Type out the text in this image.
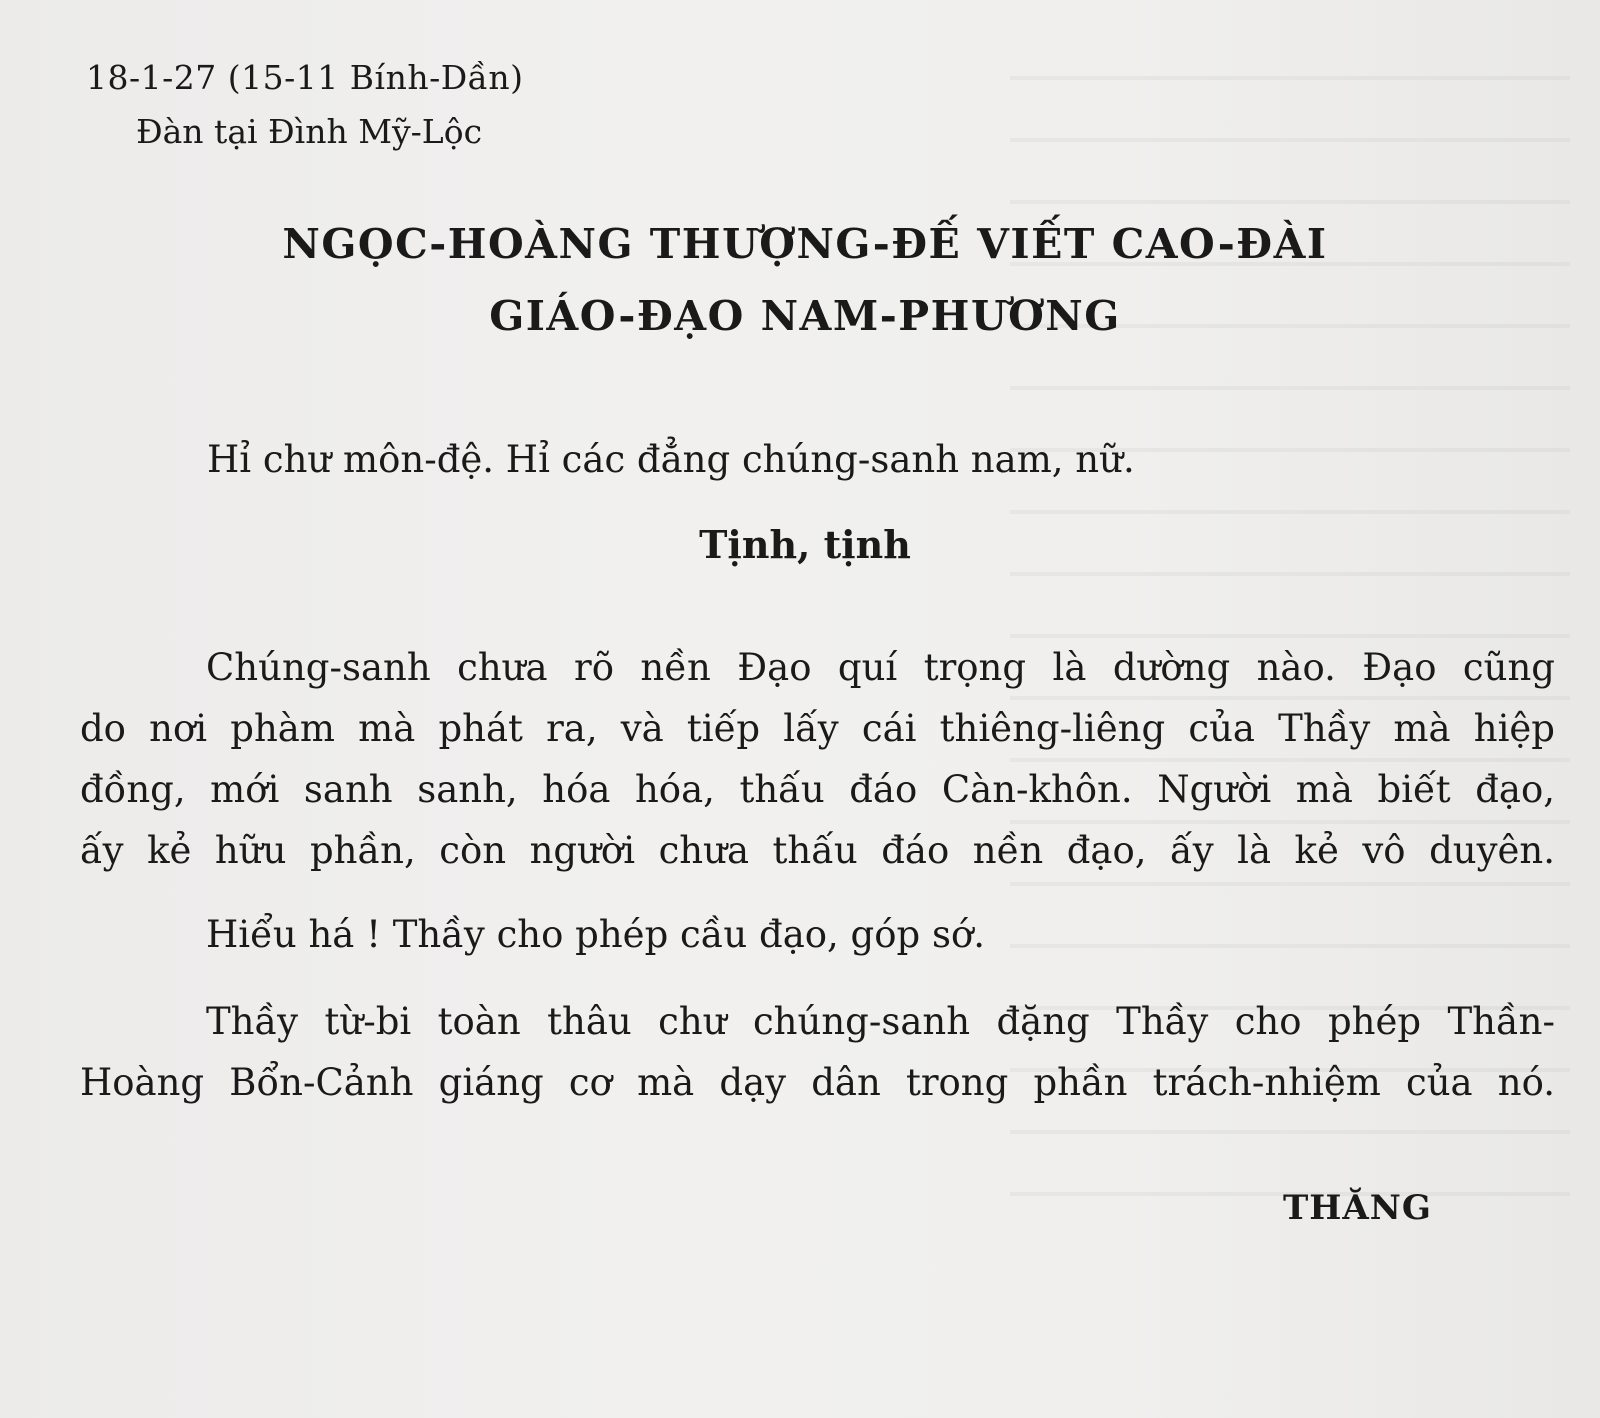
18-1-27 (15-11 Bính-Dần)
Đàn tại Đình Mỹ-Lộc
NGỌC-HOÀNG THƯỢNG-ĐẾ VIẾT CAO-ĐÀI
GIÁO-ĐẠO NAM-PHƯƠNG
Hỉ chư môn-đệ. Hỉ các đẳng chúng-sanh nam, nữ.
Tịnh, tịnh
Chúng-sanh chưa rõ nền Đạo quí trọng là dường nào. Đạo cũng
do nơi phàm mà phát ra, và tiếp lấy cái thiêng-liêng của Thầy mà hiệp
đồng, mới sanh sanh, hóa hóa, thấu đáo Càn-khôn. Người mà biết đạo,
ấy kẻ hữu phần, còn người chưa thấu đáo nền đạo, ấy là kẻ vô duyên.
Hiểu há ! Thầy cho phép cầu đạo, góp sớ.
Thầy từ-bi toàn thâu chư chúng-sanh đặng Thầy cho phép Thần-
Hoàng Bổn-Cảnh giáng cơ mà dạy dân trong phần trách-nhiệm của nó.
THĂNG
